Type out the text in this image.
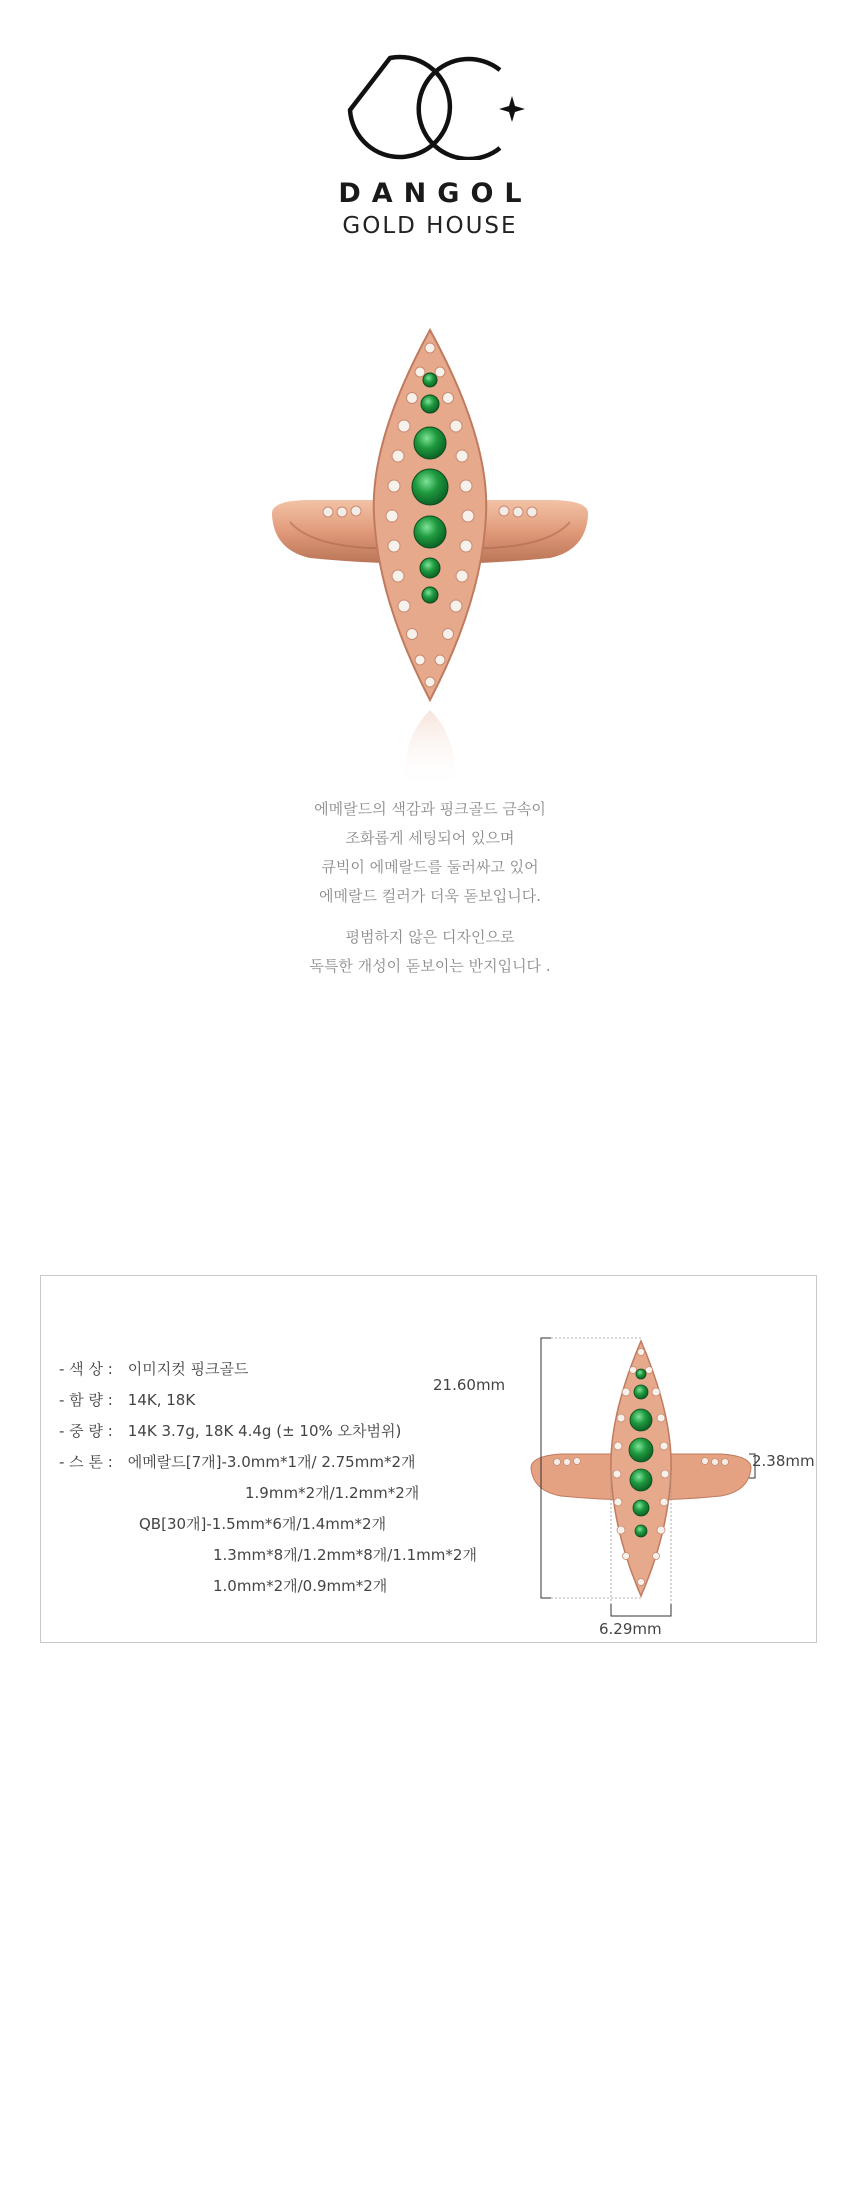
DANGOL
GOLD HOUSE

에메랄드의 색감과 핑크골드 금속이

조화롭게 세팅되어 있으며

큐빅이 에메랄드를 둘러싸고 있어

에메랄드 컬러가 더욱 돋보입니다.

평범하지 않은 디자인으로

독특한 개성이 돋보이는 반지입니다 .

- 색 상 : 이미지컷 핑크골드
- 함 량 : 14K, 18K
- 중 량 : 14K 3.7g, 18K 4.4g (± 10% 오차범위)
- 스 톤 : 에메랄드[7개]-3.0mm*1개/ 2.75mm*2개
1.9mm*2개/1.2mm*2개
QB[30개]-1.5mm*6개/1.4mm*2개
1.3mm*8개/1.2mm*8개/1.1mm*2개
1.0mm*2개/0.9mm*2개
21.60mm
2.38mm
6.29mm
